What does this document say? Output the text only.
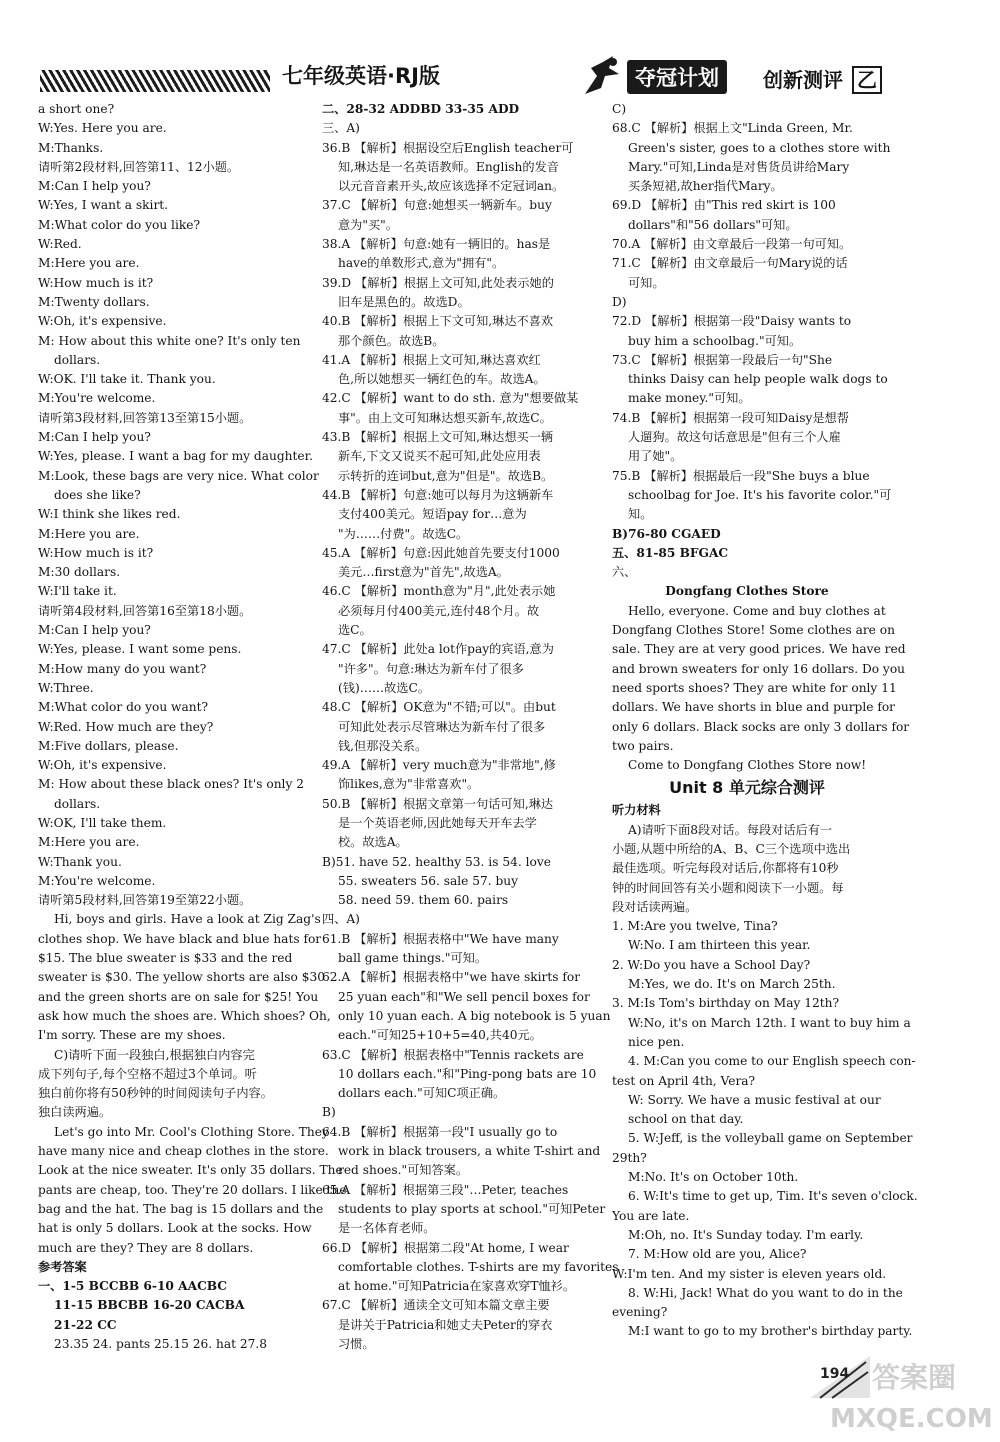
七年级英语·RJ版	夺冠计划	创新测评 乙
a short one?
W:Yes. Here you are.
M:Thanks.
请听第2段材料,回答第11、12小题。
M:Can I help you?
W:Yes, I want a skirt.
M:What color do you like?
W:Red.
M:Here you are.
W:How much is it?
M:Twenty dollars.
W:Oh, it's expensive.
M: How about this white one? It's only ten
dollars.
W:OK. I'll take it. Thank you.
M:You're welcome.
请听第3段材料,回答第13至第15小题。
M:Can I help you?
W:Yes, please. I want a bag for my daughter.
M:Look, these bags are very nice. What color
does she like?
W:I think she likes red.
M:Here you are.
W:How much is it?
M:30 dollars.
W:I'll take it.
请听第4段材料,回答第16至第18小题。
M:Can I help you?
W:Yes, please. I want some pens.
M:How many do you want?
W:Three.
M:What color do you want?
W:Red. How much are they?
M:Five dollars, please.
W:Oh, it's expensive.
M: How about these black ones? It's only 2
dollars.
W:OK, I'll take them.
M:Here you are.
W:Thank you.
M:You're welcome.
请听第5段材料,回答第19至第22小题。
Hi, boys and girls. Have a look at Zig Zag's
clothes shop. We have black and blue hats for
$15. The blue sweater is $33 and the red
sweater is $30. The yellow shorts are also $30
and the green shorts are on sale for $25! You
ask how much the shoes are. Which shoes? Oh,
I'm sorry. These are my shoes.
C)请听下面一段独白,根据独白内容完
成下列句子,每个空格不超过3个单词。听
独白前你将有50秒钟的时间阅读句子内容。
独白读两遍。
Let's go into Mr. Cool's Clothing Store. They
have many nice and cheap clothes in the store.
Look at the nice sweater. It's only 35 dollars. The
pants are cheap, too. They're 20 dollars. I like the
bag and the hat. The bag is 15 dollars and the
hat is only 5 dollars. Look at the socks. How
much are they? They are 8 dollars.
参考答案
一、1-5 BCCBB 6-10 AACBC
11-15 BBCBB 16-20 CACBA
21-22 CC
23.35 24. pants 25.15 26. hat 27.8
二、28-32 ADDBD 33-35 ADD
三、A)
36.B 【解析】根据设空后English teacher可
知,琳达是一名英语教师。English的发音
以元音音素开头,故应该选择不定冠词an。
37.C 【解析】句意:她想买一辆新车。buy
意为"买"。
38.A 【解析】句意:她有一辆旧的。has是
have的单数形式,意为"拥有"。
39.D 【解析】根据上文可知,此处表示她的
旧车是黑色的。故选D。
40.B 【解析】根据上下文可知,琳达不喜欢
那个颜色。故选B。
41.A 【解析】根据上文可知,琳达喜欢红
色,所以她想买一辆红色的车。故选A。
42.C 【解析】want to do sth. 意为"想要做某
事"。由上文可知琳达想买新车,故选C。
43.B 【解析】根据上文可知,琳达想买一辆
新车,下文又说买不起可知,此处应用表
示转折的连词but,意为"但是"。故选B。
44.B 【解析】句意:她可以每月为这辆新车
支付400美元。短语pay for…意为
"为……付费"。故选C。
45.A 【解析】句意:因此她首先要支付1000
美元…first意为"首先",故选A。
46.C 【解析】month意为"月",此处表示她
必须每月付400美元,连付48个月。故
选C。
47.C 【解析】此处a lot作pay的宾语,意为
"许多"。句意:琳达为新车付了很多
(钱)……故选C。
48.C 【解析】OK意为"不错;可以"。由but
可知此处表示尽管琳达为新车付了很多
钱,但那没关系。
49.A 【解析】very much意为"非常地",修
饰likes,意为"非常喜欢"。
50.B 【解析】根据文章第一句话可知,琳达
是一个英语老师,因此她每天开车去学
校。故选A。
B)51. have 52. healthy 53. is 54. love
55. sweaters 56. sale 57. buy
58. need 59. them 60. pairs
四、A)
61.B 【解析】根据表格中"We have many
ball game things."可知。
62.A 【解析】根据表格中"we have skirts for
25 yuan each"和"We sell pencil boxes for
only 10 yuan each. A big notebook is 5 yuan
each."可知25+10+5=40,共40元。
63.C 【解析】根据表格中"Tennis rackets are
10 dollars each."和"Ping-pong bats are 10
dollars each."可知C项正确。
B)
64.B 【解析】根据第一段"I usually go to
work in black trousers, a white T-shirt and
red shoes."可知答案。
65.A 【解析】根据第三段"…Peter, teaches
students to play sports at school."可知Peter
是一名体育老师。
66.D 【解析】根据第二段"At home, I wear
comfortable clothes. T-shirts are my favorites
at home."可知Patricia在家喜欢穿T恤衫。
67.C 【解析】通读全文可知本篇文章主要
是讲关于Patricia和她丈夫Peter的穿衣
习惯。
C)
68.C 【解析】根据上文"Linda Green, Mr.
Green's sister, goes to a clothes store with
Mary."可知,Linda是对售货员讲给Mary
买条短裙,故her指代Mary。
69.D 【解析】由"This red skirt is 100
dollars"和"56 dollars"可知。
70.A 【解析】由文章最后一段第一句可知。
71.C 【解析】由文章最后一句Mary说的话
可知。
D)
72.D 【解析】根据第一段"Daisy wants to
buy him a schoolbag."可知。
73.C 【解析】根据第一段最后一句"She
thinks Daisy can help people walk dogs to
make money."可知。
74.B 【解析】根据第一段可知Daisy是想帮
人遛狗。故这句话意思是"但有三个人雇
用了她"。
75.B 【解析】根据最后一段"She buys a blue
schoolbag for Joe. It's his favorite color."可
知。
B)76-80 CGAED
五、81-85 BFGAC
六、
Dongfang Clothes Store
Hello, everyone. Come and buy clothes at
Dongfang Clothes Store! Some clothes are on
sale. They are at very good prices. We have red
and brown sweaters for only 16 dollars. Do you
need sports shoes? They are white for only 11
dollars. We have shorts in blue and purple for
only 6 dollars. Black socks are only 3 dollars for
two pairs.
Come to Dongfang Clothes Store now!
Unit 8 单元综合测评
听力材料
A)请听下面8段对话。每段对话后有一
小题,从题中所给的A、B、C三个选项中选出
最佳选项。听完每段对话后,你都将有10秒
钟的时间回答有关小题和阅读下一小题。每
段对话读两遍。
1. M:Are you twelve, Tina?
W:No. I am thirteen this year.
2. W:Do you have a School Day?
M:Yes, we do. It's on March 25th.
3. M:Is Tom's birthday on May 12th?
W:No, it's on March 12th. I want to buy him a
nice pen.
4. M:Can you come to our English speech con-
test on April 4th, Vera?
W: Sorry. We have a music festival at our
school on that day.
5. W:Jeff, is the volleyball game on September
29th?
M:No. It's on October 10th.
6. W:It's time to get up, Tim. It's seven o'clock.
You are late.
M:Oh, no. It's Sunday today. I'm early.
7. M:How old are you, Alice?
W:I'm ten. And my sister is eleven years old.
8. W:Hi, Jack! What do you want to do in the
evening?
M:I want to go to my brother's birthday party.
194 答案圈
MXQE.COM
